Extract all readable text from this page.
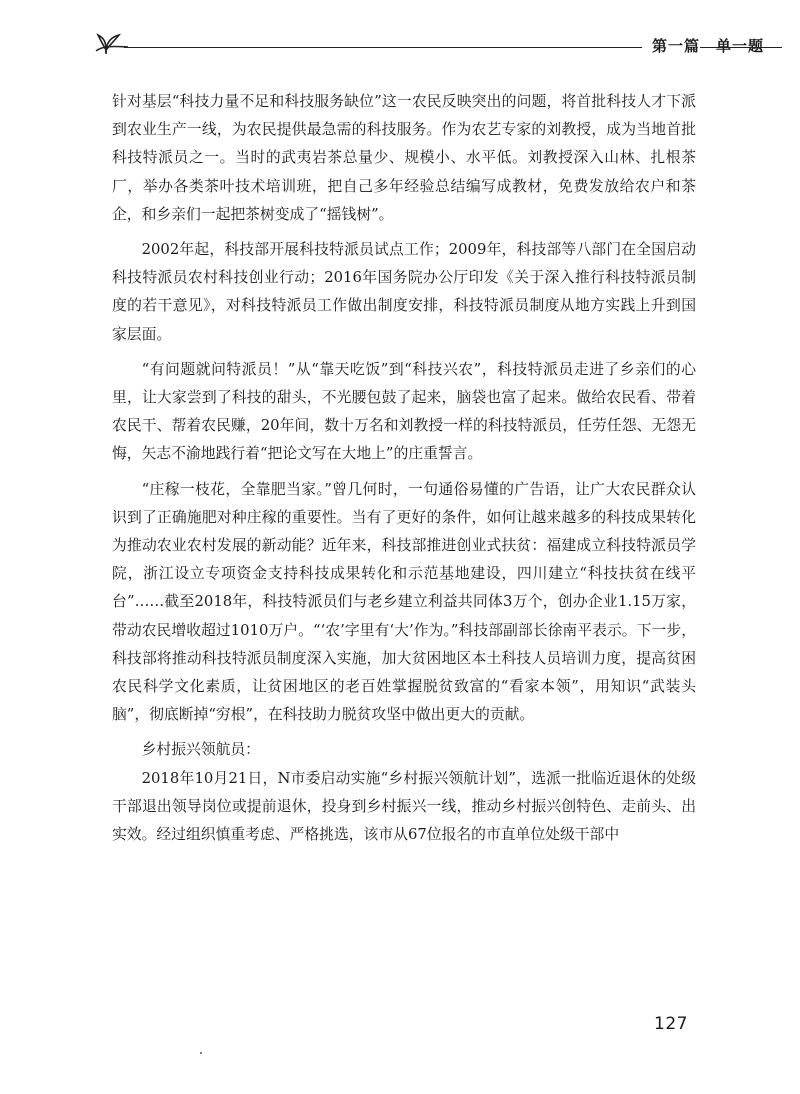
第一篇　单一题

针对基层“科技力量不足和科技服务缺位”这一农民反映突出的问题，将首批科技人才下派到农业生产一线，为农民提供最急需的科技服务。作为农艺专家的刘教授，成为当地首批科技特派员之一。当时的武夷岩茶总量少、规模小、水平低。刘教授深入山林、扎根茶厂，举办各类茶叶技术培训班，把自己多年经验总结编写成教材，免费发放给农户和茶企，和乡亲们一起把茶树变成了“摇钱树”。

2002年起，科技部开展科技特派员试点工作；2009年，科技部等八部门在全国启动科技特派员农村科技创业行动；2016年国务院办公厅印发《关于深入推行科技特派员制度的若干意见》，对科技特派员工作做出制度安排，科技特派员制度从地方实践上升到国家层面。

“有问题就问特派员！”从“靠天吃饭”到“科技兴农”，科技特派员走进了乡亲们的心里，让大家尝到了科技的甜头，不光腰包鼓了起来，脑袋也富了起来。做给农民看、带着农民干、帮着农民赚，20年间，数十万名和刘教授一样的科技特派员，任劳任怨、无怨无悔，矢志不渝地践行着“把论文写在大地上”的庄重誓言。

“庄稼一枝花，全靠肥当家。”曾几何时，一句通俗易懂的广告语，让广大农民群众认识到了正确施肥对种庄稼的重要性。当有了更好的条件，如何让越来越多的科技成果转化为推动农业农村发展的新动能？近年来，科技部推进创业式扶贫：福建成立科技特派员学院，浙江设立专项资金支持科技成果转化和示范基地建设，四川建立“科技扶贫在线平台”……截至2018年，科技特派员们与老乡建立利益共同体3万个，创办企业1.15万家，带动农民增收超过1010万户。“‘农’字里有‘大’作为。”科技部副部长徐南平表示。下一步，科技部将推动科技特派员制度深入实施，加大贫困地区本土科技人员培训力度，提高贫困农民科学文化素质，让贫困地区的老百姓掌握脱贫致富的“看家本领”，用知识“武装头脑”，彻底断掉“穷根”，在科技助力脱贫攻坚中做出更大的贡献。

乡村振兴领航员：

2018年10月21日，N市委启动实施“乡村振兴领航计划”，选派一批临近退休的处级干部退出领导岗位或提前退休，投身到乡村振兴一线，推动乡村振兴创特色、走前头、出实效。经过组织慎重考虑、严格挑选，该市从67位报名的市直单位处级干部中

127
